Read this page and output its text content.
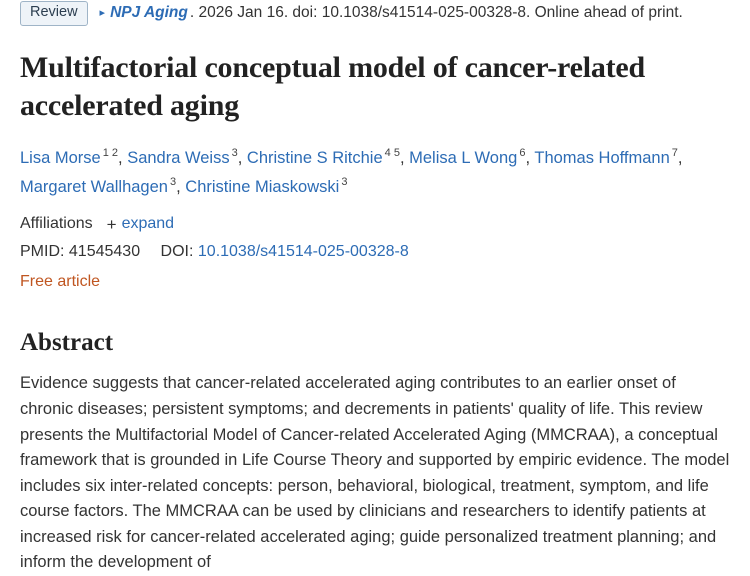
Review	▸ NPJ Aging . 2026 Jan 16. doi: 10.1038/s41514-025-00328-8. Online ahead of print.
Multifactorial conceptual model of cancer-related accelerated aging
Lisa Morse $^{1 2}$, Sandra Weiss $^3$, Christine S Ritchie $^{4 5}$, Melisa L Wong $^6$, Thomas Hoffmann $^7$, Margaret Wallhagen $^3$, Christine Miaskowski $^3$
Affiliations + expand
PMID: 41545430 DOI: 10.1038/s41514-025-00328-8
Free article
Abstract
Evidence suggests that cancer-related accelerated aging contributes to an earlier onset of chronic diseases; persistent symptoms; and decrements in patients' quality of life. This review presents the Multifactorial Model of Cancer-related Accelerated Aging (MMCRAA), a conceptual framework that is grounded in Life Course Theory and supported by empiric evidence. The model includes six inter-related concepts: person, behavioral, biological, treatment, symptom, and life course factors. The MMCRAA can be used by clinicians and researchers to identify patients at increased risk for cancer-related accelerated aging; guide personalized treatment planning; and inform the development of
